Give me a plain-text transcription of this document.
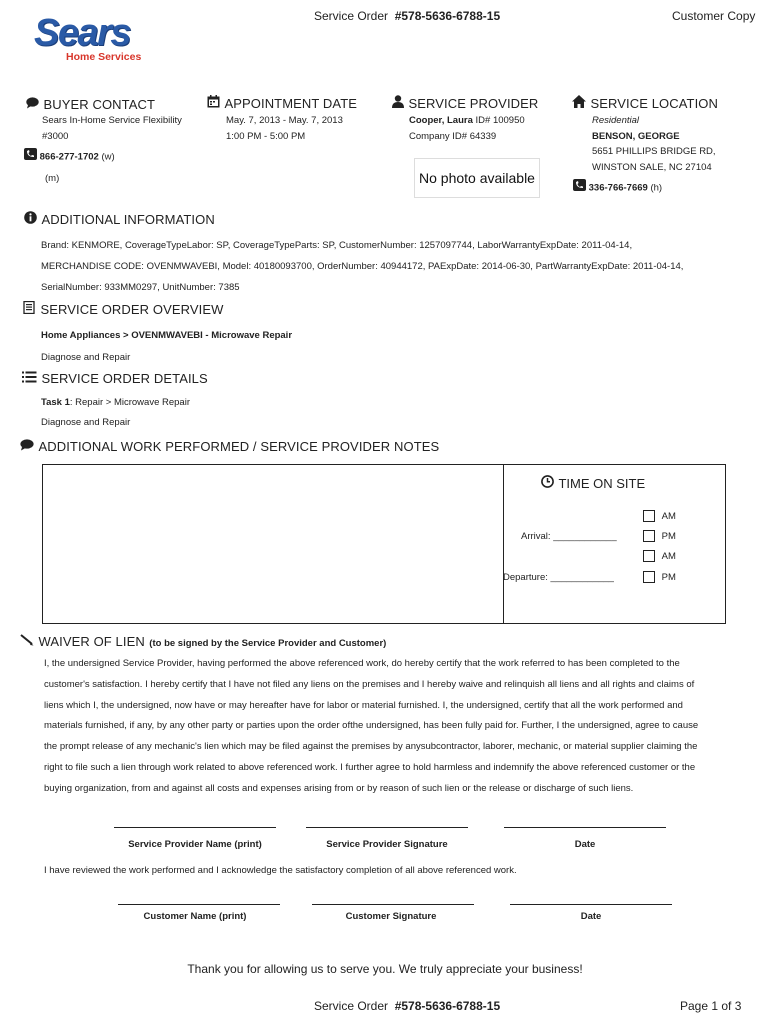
Service Order #578-5636-6788-15	Customer Copy
Sears
Home Services
BUYER CONTACT
Sears In-Home Service Flexibility
#3000
866-277-1702 (w)
(m)
APPOINTMENT DATE
May. 7, 2013 - May. 7, 2013
1:00 PM - 5:00 PM
SERVICE PROVIDER
Cooper, Laura ID# 100950
Company ID# 64339
No photo available
SERVICE LOCATION
Residential
BENSON, GEORGE
5651 PHILLIPS BRIDGE RD,
WINSTON SALE, NC 27104
336-766-7669 (h)
ADDITIONAL INFORMATION
Brand: KENMORE, CoverageTypeLabor: SP, CoverageTypeParts: SP, CustomerNumber: 1257097744, LaborWarrantyExpDate: 2011-04-14,
MERCHANDISE CODE: OVENMWAVEBI, Model: 40180093700, OrderNumber: 40944172, PAExpDate: 2014-06-30, PartWarrantyExpDate: 2011-04-14,
SerialNumber: 933MM0297, UnitNumber: 7385
SERVICE ORDER OVERVIEW
Home Appliances > OVENMWAVEBI - Microwave Repair
Diagnose and Repair
SERVICE ORDER DETAILS
Task 1: Repair > Microwave Repair
Diagnose and Repair
ADDITIONAL WORK PERFORMED / SERVICE PROVIDER NOTES
TIME ON SITE
AM
Arrival: ____________	PM
AM
Departure: ____________	PM
WAIVER OF LIEN (to be signed by the Service Provider and Customer)
I, the undersigned Service Provider, having performed the above referenced work, do hereby certify that the work referred to has been completed to the
customer's satisfaction. I hereby certify that I have not filed any liens on the premises and I hereby waive and relinquish all liens and all rights and claims of
liens which I, the undersigned, now have or may hereafter have for labor or material furnished. I, the undersigned, certify that all the work performed and
materials furnished, if any, by any other party or parties upon the order ofthe undersigned, has been fully paid for. Further, I the undersigned, agree to cause
the prompt release of any mechanic's lien which may be filed against the premises by anysubcontractor, laborer, mechanic, or material supplier claiming the
right to file such a lien through work related to above referenced work. I further agree to hold harmless and indemnify the above referenced customer or the
buying organization, from and against all costs and expenses arising from or by reason of such lien or the release or discharge of such liens.
Service Provider Name (print)	Service Provider Signature	Date
I have reviewed the work performed and I acknowledge the satisfactory completion of all above referenced work.
Customer Name (print)	Customer Signature	Date
Thank you for allowing us to serve you. We truly appreciate your business!
Service Order #578-5636-6788-15	Page 1 of 3
